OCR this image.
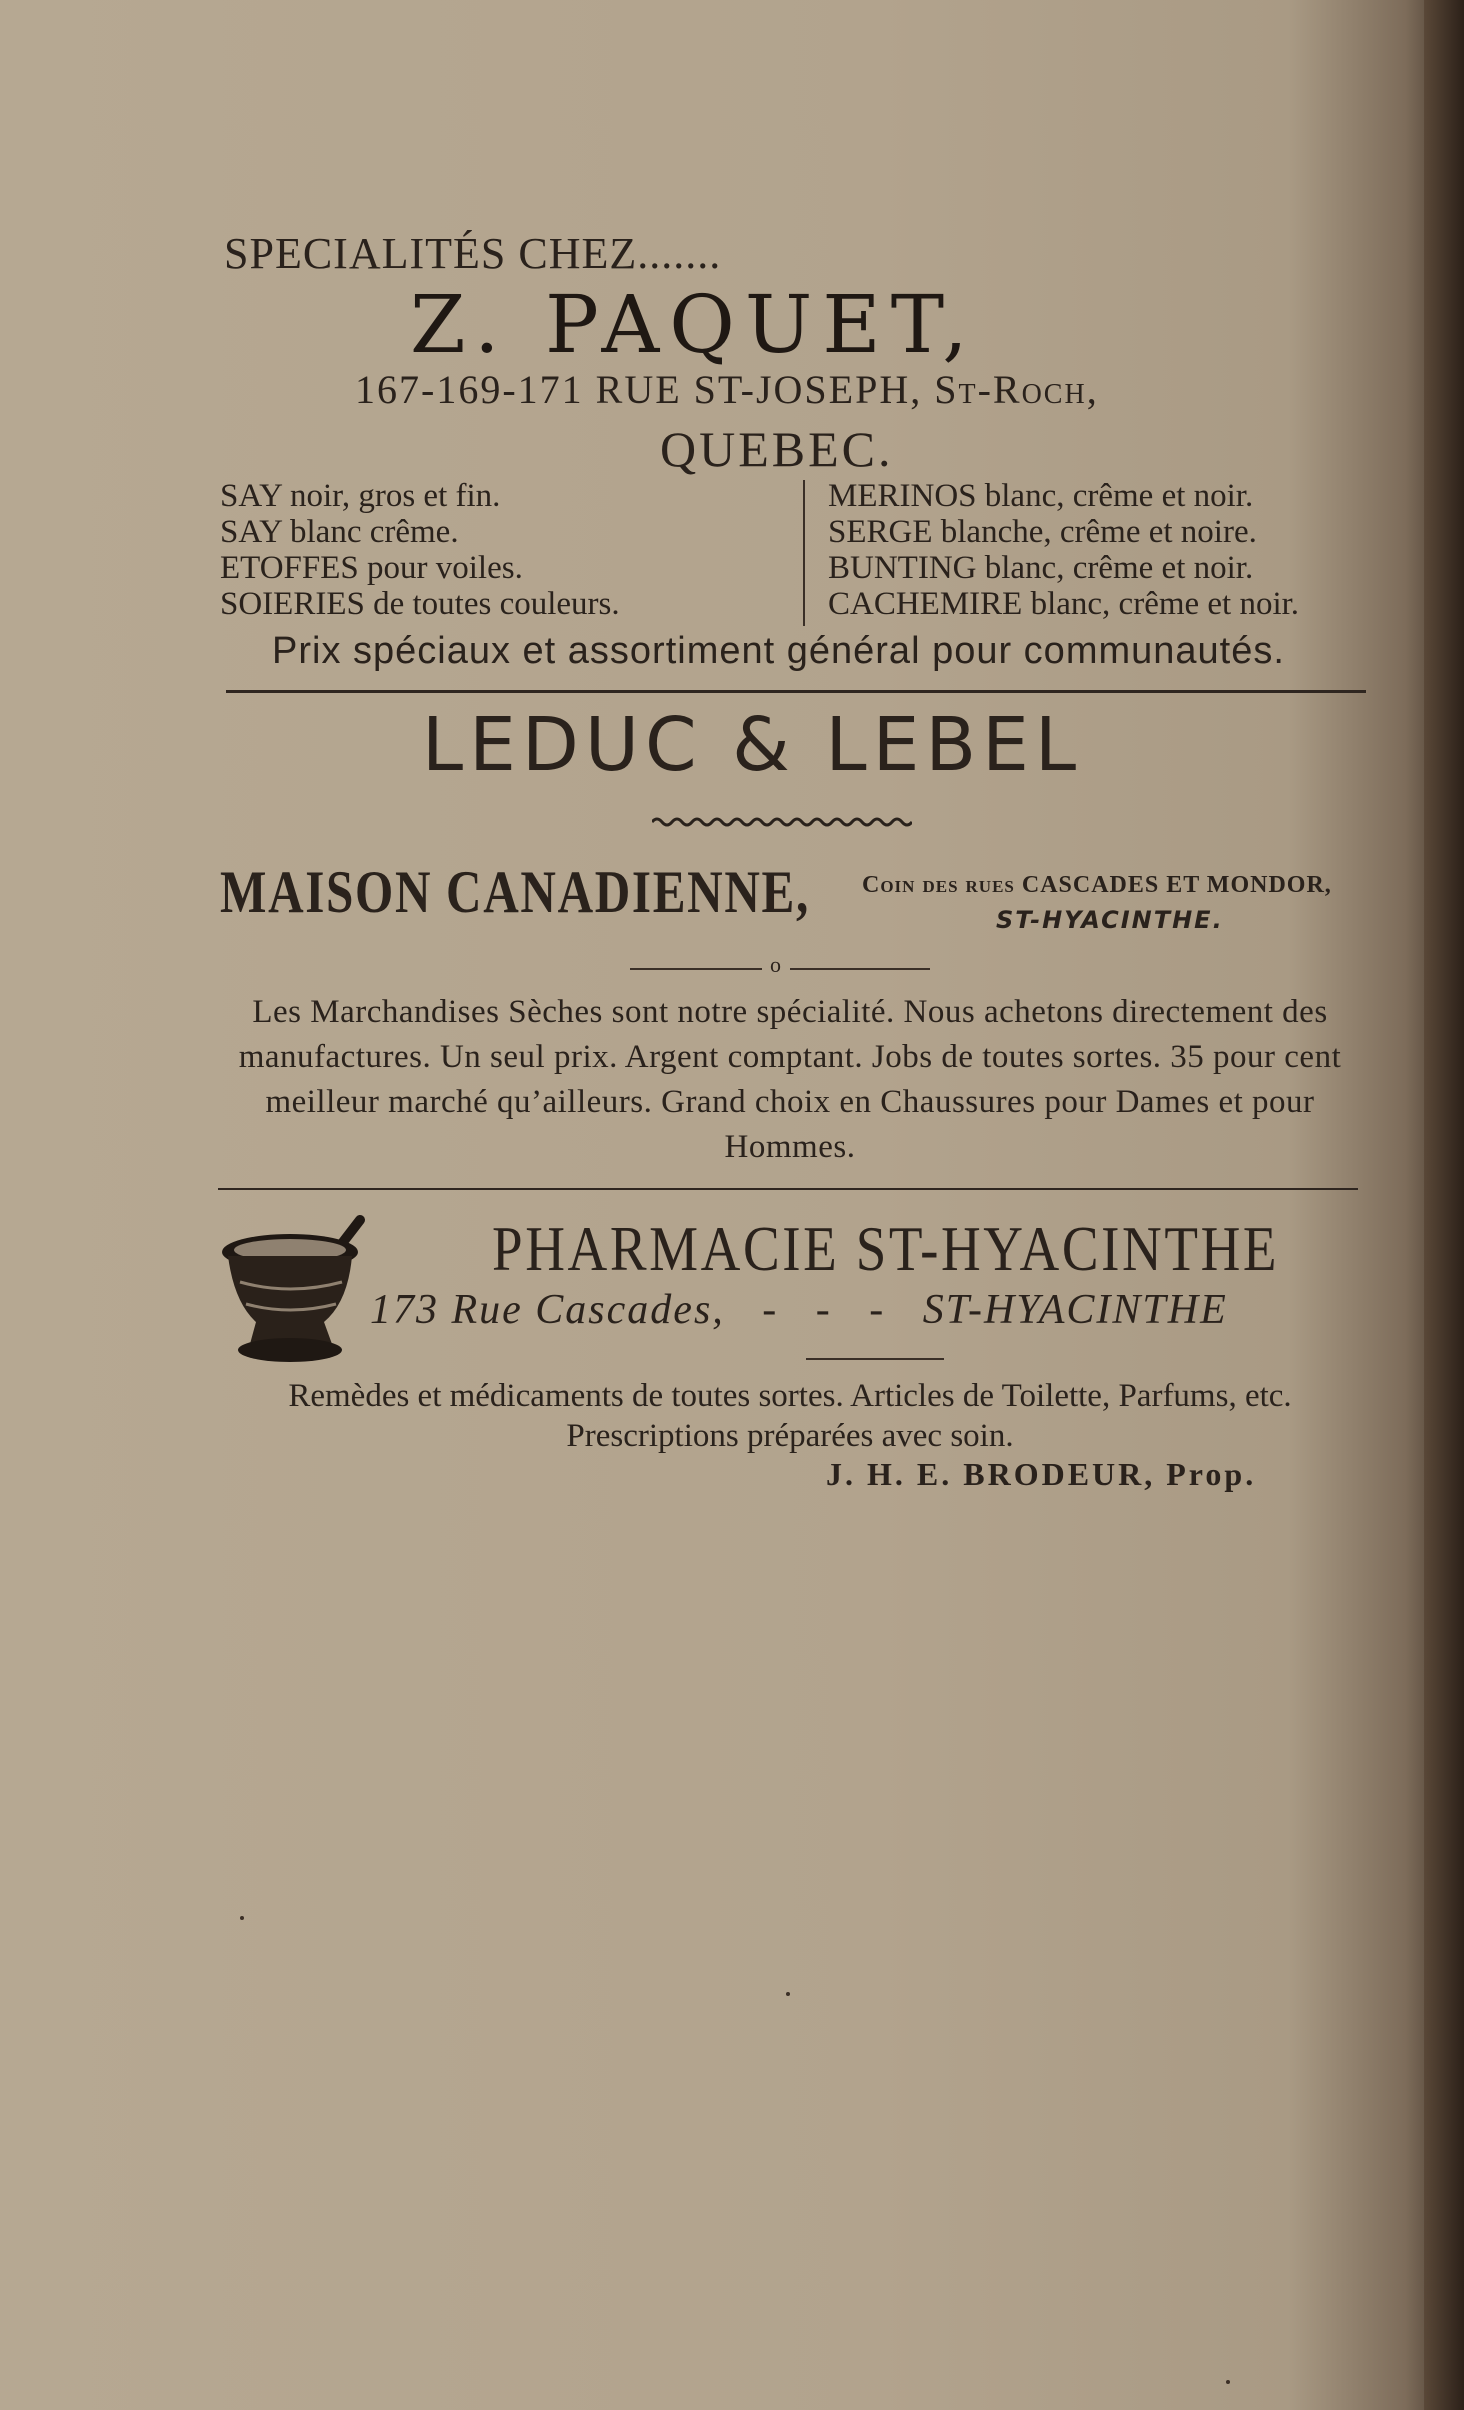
SPECIALITÉS CHEZ.......
Z. PAQUET,
167-169-171 RUE ST-JOSEPH, St-Roch,
QUEBEC.
SAY noir, gros et fin.
SAY blanc crême.
ETOFFES pour voiles.
SOIERIES de toutes couleurs.
MERINOS blanc, crême et noir.
SERGE blanche, crême et noire.
BUNTING blanc, crême et noir.
CACHEMIRE blanc, crême et noir.
Prix spéciaux et assortiment général pour communautés.
LEDUC & LEBEL
MAISON CANADIENNE, Coin des rues CASCADES ET MONDOR,
ST-HYACINTHE.
o
Les Marchandises Sèches sont notre spécialité. Nous achetons directement des manufactures. Un seul prix. Argent comptant. Jobs de toutes sortes. 35 pour cent meilleur marché qu’ailleurs. Grand choix en Chaussures pour Dames et pour Hommes.
PHARMACIE ST-HYACINTHE
173 Rue Cascades,   -   -   -   ST-HYACINTHE
Remèdes et médicaments de toutes sortes. Articles de Toilette, Parfums, etc.
Prescriptions préparées avec soin.
J. H. E. BRODEUR, Prop.
